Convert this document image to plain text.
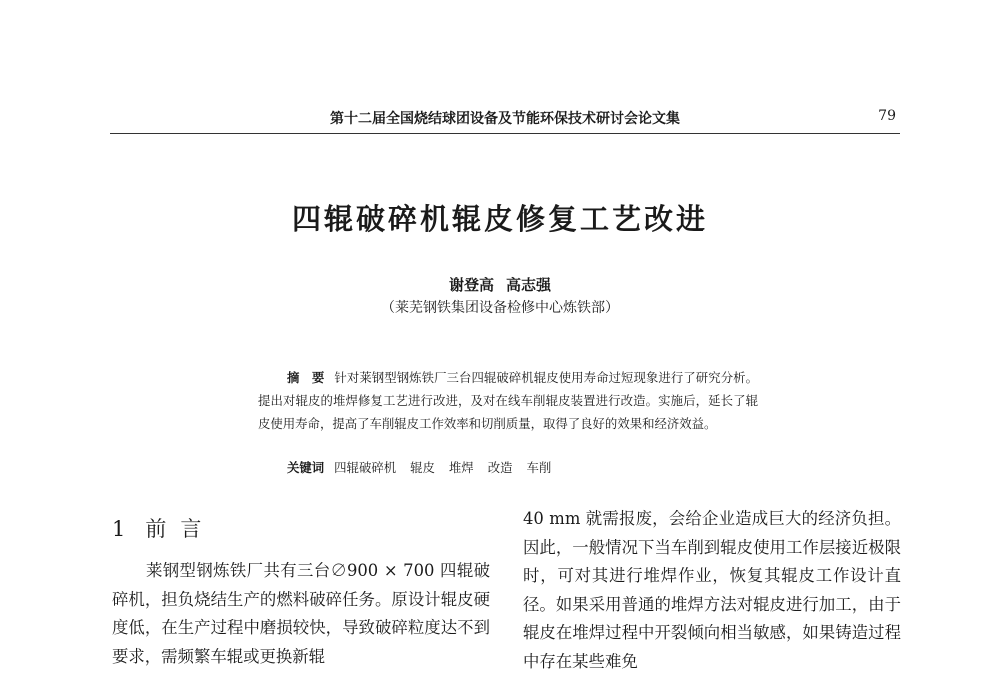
第十二届全国烧结球团设备及节能环保技术研讨会论文集	79
四辊破碎机辊皮修复工艺改进
谢登高 高志强
（莱芜钢铁集团设备检修中心炼铁部）

摘　要 针对莱钢型钢炼铁厂三台四辊破碎机辊皮使用寿命过短现象进行了研究分析。提出对辊皮的堆焊修复工艺进行改进，及对在线车削辊皮装置进行改造。实施后，延长了辊皮使用寿命，提高了车削辊皮工作效率和切削质量，取得了良好的效果和经济效益。

关键词 四辊破碎机 辊皮 堆焊 改造 车削
1 前言

莱钢型钢炼铁厂共有三台∅900 × 700 四辊破碎机，担负烧结生产的燃料破碎任务。原设计辊皮硬度低，在生产过程中磨损较快，导致破碎粒度达不到要求，需频繁车辊或更换新辊

40 mm 就需报废，会给企业造成巨大的经济负担。因此，一般情况下当车削到辊皮使用工作层接近极限时，可对其进行堆焊作业，恢复其辊皮工作设计直径。如果采用普通的堆焊方法对辊皮进行加工，由于辊皮在堆焊过程中开裂倾向相当敏感，如果铸造过程中存在某些难免
